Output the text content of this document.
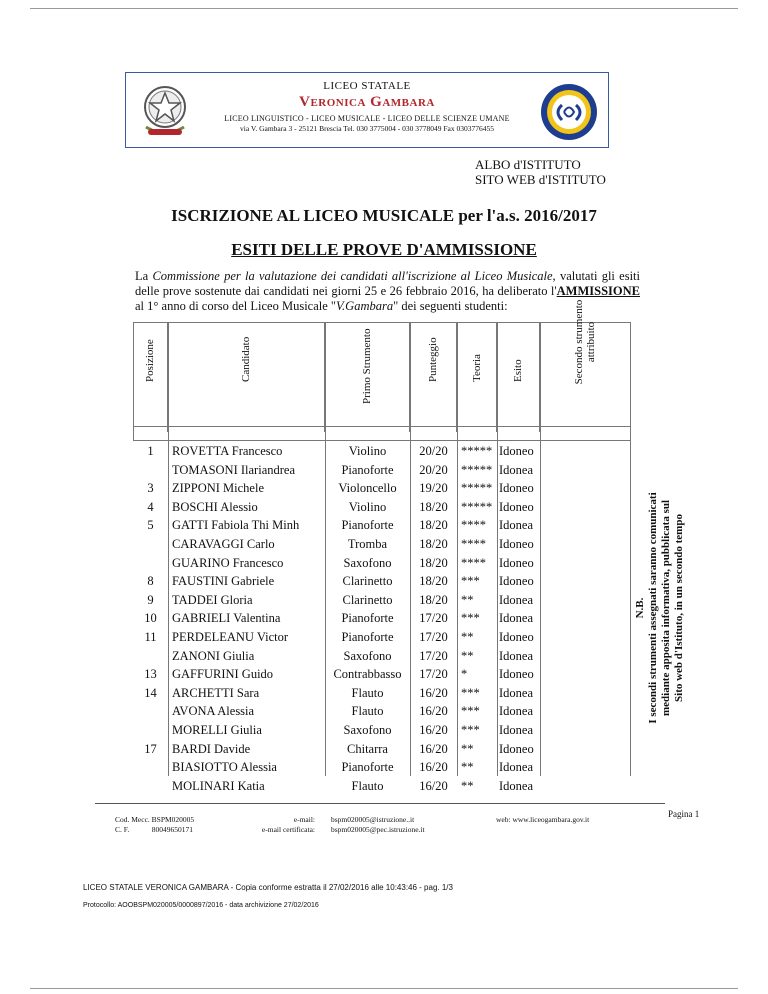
LICEO STATALE
Veronica Gambara
LICEO LINGUISTICO - LICEO MUSICALE - LICEO DELLE SCIENZE UMANE
via V. Gambara 3 - 25121 Brescia Tel. 030 3775004 - 030 3778049 Fax 0303776455
ALBO d'ISTITUTO
SITO WEB d'ISTITUTO
ISCRIZIONE AL LICEO MUSICALE per l'a.s. 2016/2017
ESITI DELLE PROVE D'AMMISSIONE
La Commissione per la valutazione dei candidati all'iscrizione al Liceo Musicale, valutati gli esiti delle prove sostenute dai candidati nei giorni 25 e 26 febbraio 2016, ha deliberato l'AMMISSIONE al 1° anno di corso del Liceo Musicale "V.Gambara" dei seguenti studenti:
Posizione	Candidato	Primo Strumento	Punteggio	Teoria	Esito	Secondo strumento attribuito
1	ROVETTA Francesco	Violino	20/20	***** Idoneo
TOMASONI Ilariandrea	Pianoforte	20/20	***** Idonea
3	ZIPPONI Michele	Violoncello	19/20	***** Idoneo
4	BOSCHI Alessio	Violino	18/20	***** Idoneo
5	GATTI Fabiola Thi Minh	Pianoforte	18/20	****	Idonea
CARAVAGGI Carlo	Tromba	18/20	****	Idoneo
GUARINO Francesco	Saxofono	18/20	****	Idoneo
8	FAUSTINI Gabriele	Clarinetto	18/20	***	Idoneo
9	TADDEI Gloria	Clarinetto	18/20	**	Idonea
10	GABRIELI Valentina	Pianoforte	17/20	***	Idonea
11	PERDELEANU Victor	Pianoforte	17/20	**	Idoneo
ZANONI Giulia	Saxofono	17/20	**	Idonea
13	GAFFURINI Guido	Contrabbasso	17/20	*	Idoneo
14	ARCHETTI Sara	Flauto	16/20	***	Idonea
AVONA Alessia	Flauto	16/20	***	Idonea
MORELLI Giulia	Saxofono	16/20	***	Idonea
17	BARDI Davide	Chitarra	16/20	**	Idoneo
BIASIOTTO Alessia	Pianoforte	16/20	**	Idonea
MOLINARI Katia	Flauto	16/20	**	Idonea
N.B. I secondi strumenti assegnati saranno comunicati mediante apposita informativa, pubblicata sul Sito web d'Istituto, in un secondo tempo
Cod. Mecc. BSPM020005
C. F.            80049650171
e-mail:
e-mail certificata:
bspm020005@istruzione..it
bspm020005@pec.istruzione.it
web: www.liceogambara.gov.it
Pagina 1
LICEO STATALE VERONICA GAMBARA - Copia conforme estratta il 27/02/2016 alle 10:43:46 - pag. 1/3
Protocollo: AOOBSPM020005/0000897/2016 - data archivizione 27/02/2016
